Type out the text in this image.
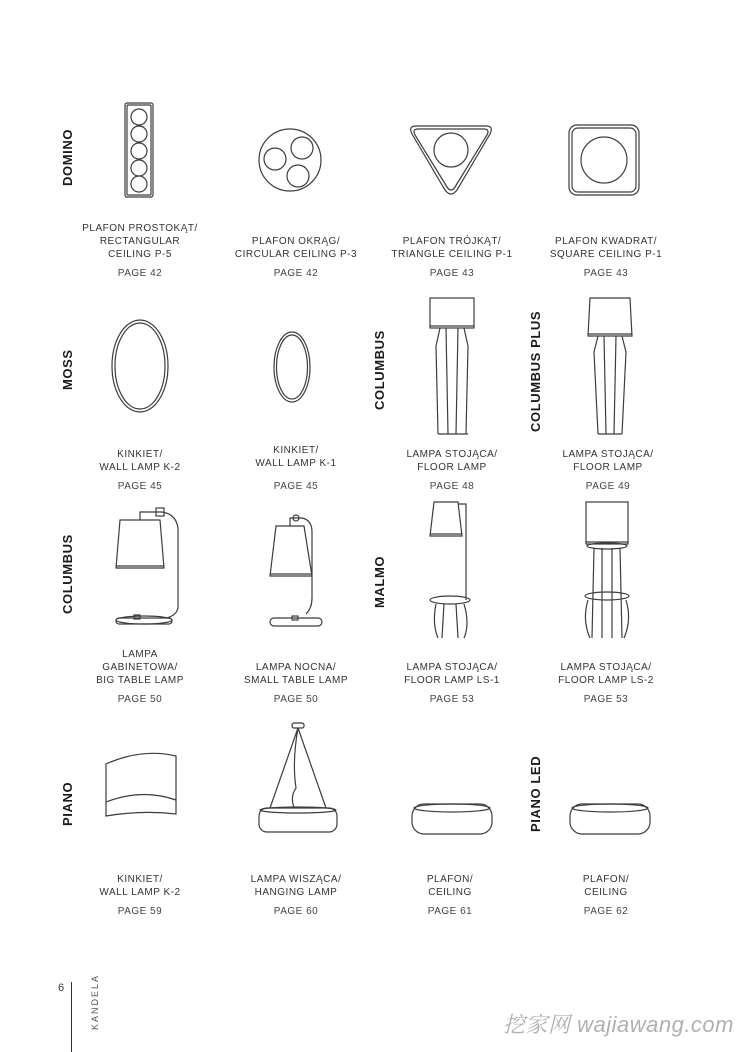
DOMINO
MOSS	COLUMBUS	COLUMBUS PLUS
COLUMBUS	MALMO
PIANO	PIANO LED
PLAFON PROSTOKĄT/
RECTANGULAR
CEILING P-5
PAGE 42
PLAFON OKRĄG/
CIRCULAR CEILING P-3
PAGE 42
PLAFON TRÓJKĄT/
TRIANGLE CEILING P-1
PAGE 43
PLAFON KWADRAT/
SQUARE CEILING P-1
PAGE 43
KINKIET/
WALL LAMP K-2
PAGE 45
KINKIET/
WALL LAMP K-1
PAGE 45
LAMPA STOJĄCA/
FLOOR LAMP
PAGE 48
LAMPA STOJĄCA/
FLOOR LAMP
PAGE 49
LAMPA
GABINETOWA/
BIG TABLE LAMP
PAGE 50
LAMPA NOCNA/
SMALL TABLE LAMP
PAGE 50
LAMPA STOJĄCA/
FLOOR LAMP LS-1
PAGE 53
LAMPA STOJĄCA/
FLOOR LAMP LS-2
PAGE 53
KINKIET/
WALL LAMP K-2
PAGE 59
LAMPA WISZĄCA/
HANGING LAMP
PAGE 60
PLAFON/
CEILING
PAGE 61
PLAFON/
CEILING
PAGE 62
6	KANDELA	挖家网 wajiawang.com
